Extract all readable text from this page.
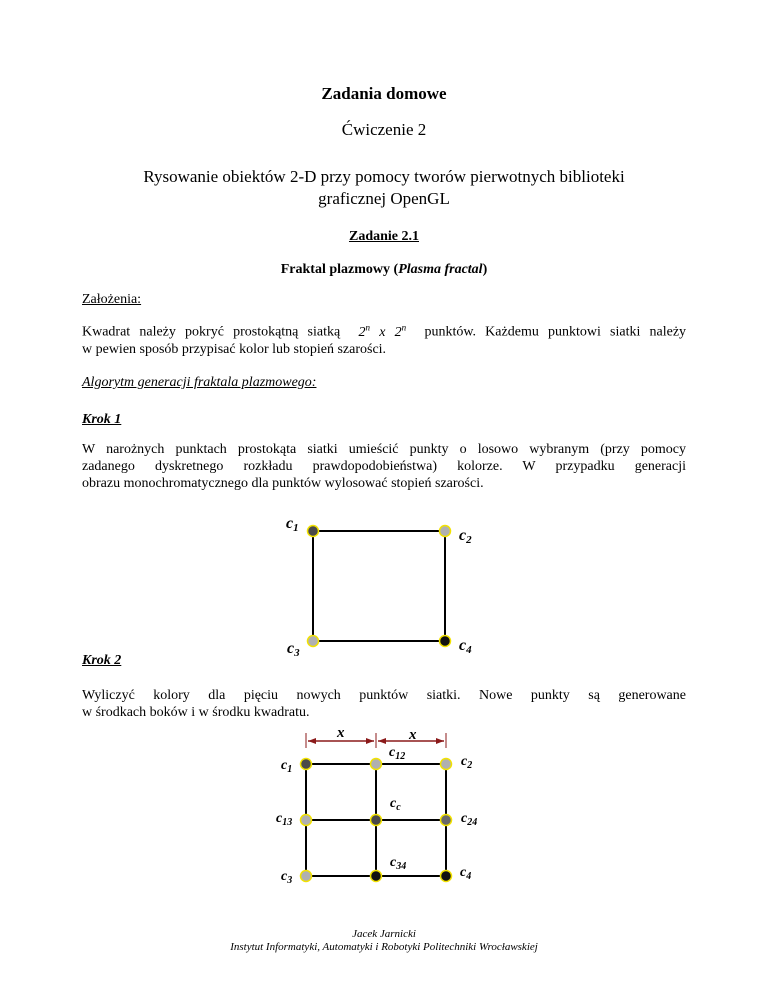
Zadania domowe
Ćwiczenie 2
Rysowanie obiektów 2-D przy pomocy tworów pierwotnych biblioteki
graficznej OpenGL
Zadanie 2.1
Fraktal plazmowy (Plasma fractal)
Założenia:
Kwadrat należy pokryć prostokątną siatką 2$^n$ x 2$^n$ punktów. Każdemu punktowi siatki należy
w pewien sposób przypisać kolor lub stopień szarości.
Algorytm generacji fraktala plazmowego:
Krok 1
W narożnych punktach prostokąta siatki umieścić punkty o losowo wybranym (przy pomocy
zadanego dyskretnego rozkładu prawdopodobieństwa) kolorze. W przypadku generacji
obrazu monochromatycznego dla punktów wylosować stopień szarości.
c1	c2
c3	c4
Krok 2
Wyliczyć kolory dla pięciu nowych punktów siatki. Nowe punkty są generowane
w środkach boków i w środku kwadratu.
x	x
$c_1$
$c_{12}$	$c_2$
$c_c$
$c_{13}$	$c_{24}$
$c_{34}$
$c_3$
$c_4$
Jacek Jarnicki
Instytut Informatyki, Automatyki i Robotyki Politechniki Wrocławskiej
